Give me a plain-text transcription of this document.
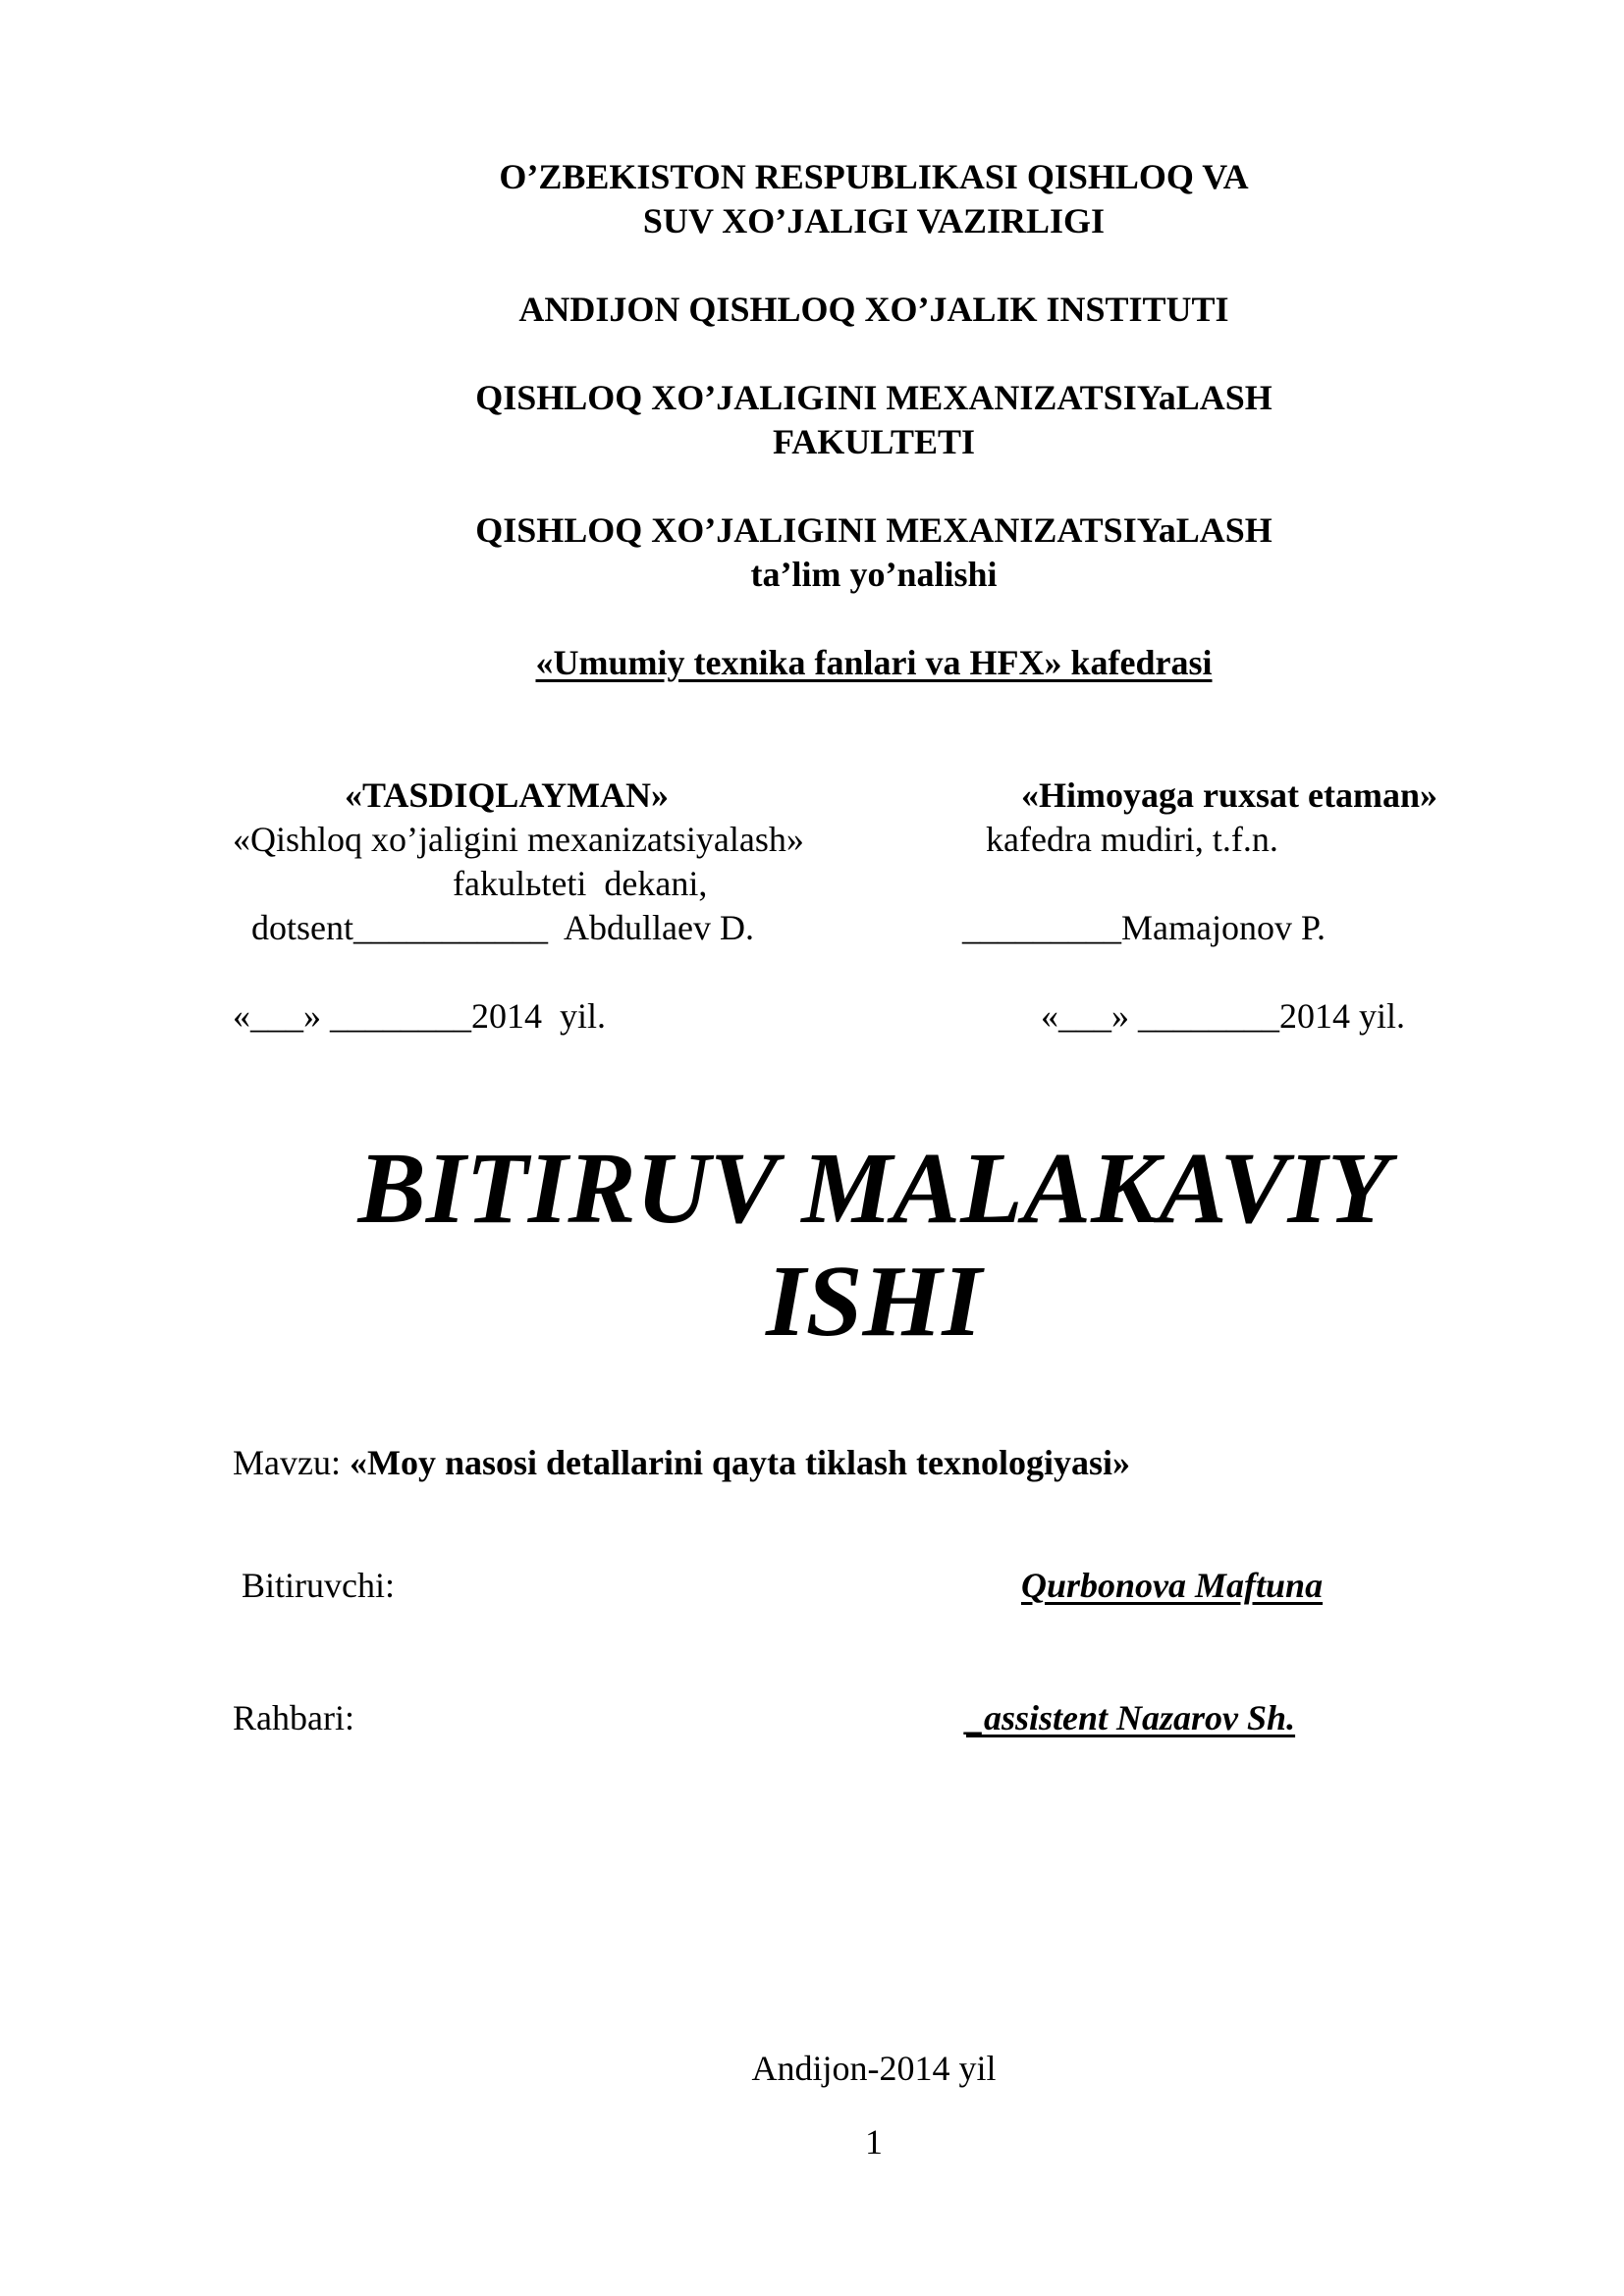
O’ZBEKISTON RESPUBLIKASI QISHLOQ VA
SUV XO’JALIGI VAZIRLIGI
ANDIJON QISHLOQ XO’JALIK INSTITUTI
QISHLOQ XO’JALIGINI MEXANIZATSIYaLASH
FAKULTETI
QISHLOQ XO’JALIGINI MEXANIZATSIYaLASH
ta’lim yo’nalishi
«Umumiy texnika fanlari va HFX» kafedrasi
«TASDIQLAYMAN»
«Qishloq xo’jaligini mexanizatsiyalash»
fakulьteti  dekani,
dotsent___________  Abdullaev D.
«___» ________2014  yil.
«Himoyaga ruxsat etaman»
kafedra mudiri, t.f.n.
_________Mamajonov P.
«___» ________2014 yil.
BITIRUV MALAKAVIY
ISHI
Mavzu: «Moy nasosi detallarini qayta tiklash texnologiyasi»
Bitiruvchi:	Qurbonova Maftuna
Rahbari:	_assistent Nazarov Sh.
Andijon-2014 yil
1
